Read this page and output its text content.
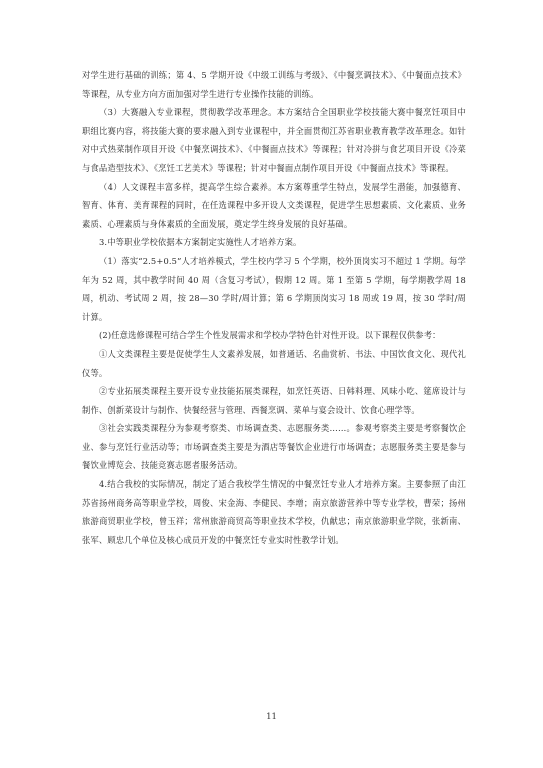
对学生进行基础的训练；第 4、5 学期开设《中级工训练与考级》、《中餐烹调技术》、《中餐面点技术》等课程，从专业方向方面加强对学生进行专业操作技能的训练。

（3）大赛融入专业课程，贯彻教学改革理念。本方案结合全国职业学校技能大赛中餐烹饪项目中职组比赛内容，将技能大赛的要求融入到专业课程中，并全面贯彻江苏省职业教育教学改革理念。如针对中式热菜制作项目开设《中餐烹调技术》、《中餐面点技术》等课程；针对冷拼与食艺项目开设《冷菜与食品造型技术》、《烹饪工艺美术》等课程；针对中餐面点制作项目开设《中餐面点技术》等课程。

（4）人文课程丰富多样，提高学生综合素养。本方案尊重学生特点，发展学生潜能，加强德育、智育、体育、美育课程的同时，在任选课程中多开设人文类课程，促进学生思想素质、文化素质、业务素质、心理素质与身体素质的全面发展，奠定学生终身发展的良好基础。

3.中等职业学校依据本方案制定实施性人才培养方案。

（1）落实“2.5+0.5”人才培养模式，学生校内学习 5 个学期，校外顶岗实习不超过 1 学期。每学年为 52 周，其中教学时间 40 周（含复习考试），假期 12 周。第 1 至第 5 学期，每学期教学周 18 周，机动、考试周 2 周，按 28—30 学时/周计算；第 6 学期顶岗实习 18 周或 19 周，按 30 学时/周计算。

(2)任意选修课程可结合学生个性发展需求和学校办学特色针对性开设。以下课程仅供参考：

①人文类课程主要是促使学生人文素养发展，如普通话、名曲赏析、书法、中国饮食文化、现代礼仪等。

②专业拓展类课程主要开设专业技能拓展类课程，如烹饪英语、日韩料理、风味小吃、筵席设计与制作、创新菜设计与制作、快餐经营与管理、西餐烹调、菜单与宴会设计、饮食心理学等。

③社会实践类课程分为参观考察类、市场调查类、志愿服务类……。参观考察类主要是考察餐饮企业、参与烹饪行业活动等；市场调查类主要是为酒店等餐饮企业进行市场调查；志愿服务类主要是参与餐饮业博览会、技能竞赛志愿者服务活动。

4.结合我校的实际情况，制定了适合我校学生情况的中餐烹饪专业人才培养方案。主要参照了由江苏省扬州商务高等职业学校，周俊、宋金海、李健民、李增；南京旅游营养中等专业学校，曹荣；扬州旅游商贸职业学校，曾玉祥；常州旅游商贸高等职业技术学校，仇献忠；南京旅游职业学院，张新南、张军、顾忠几个单位及核心成员开发的中餐烹饪专业实时性教学计划。

11
